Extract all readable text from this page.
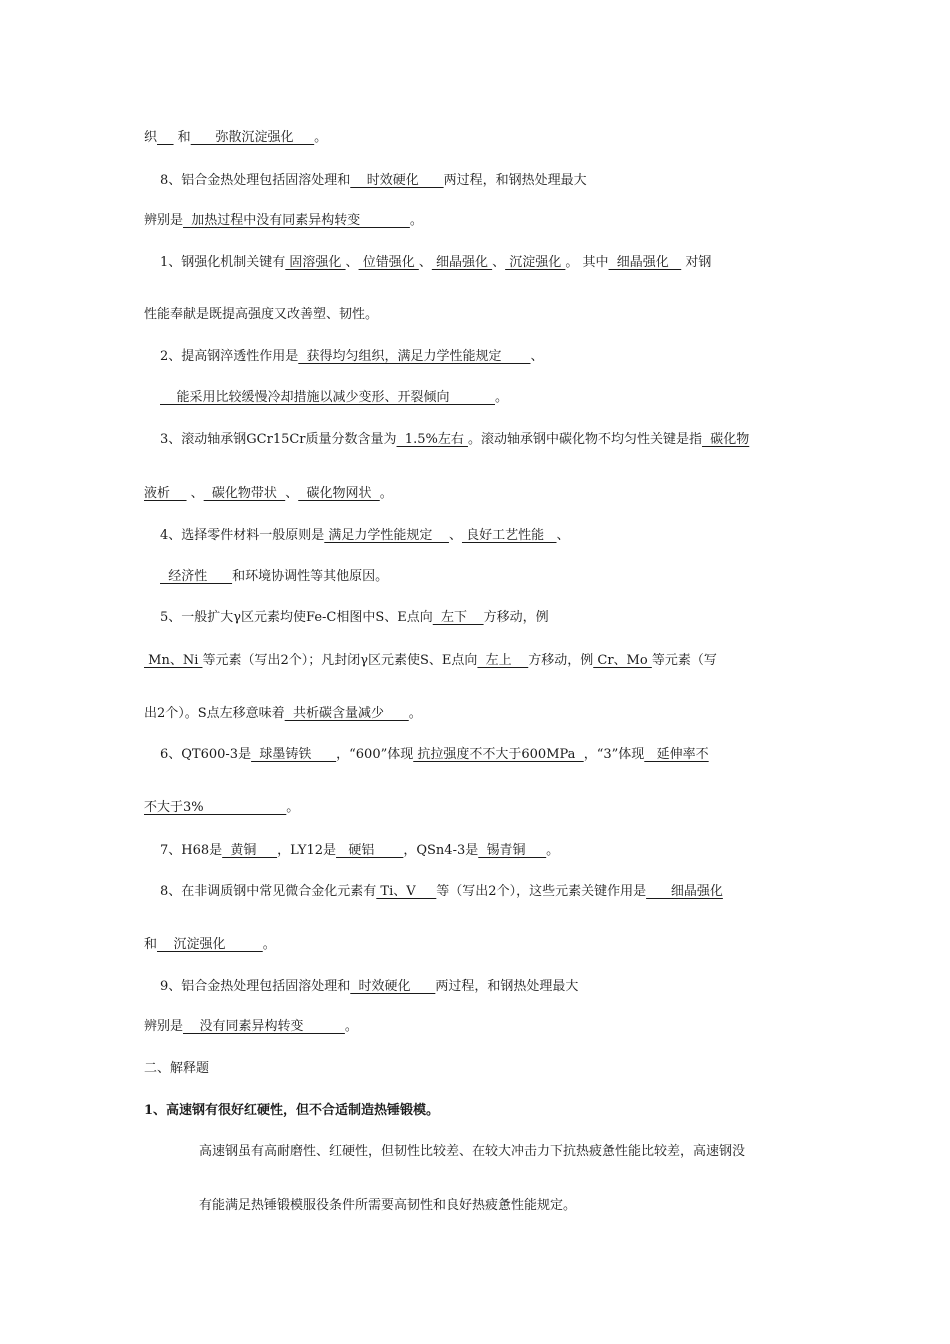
织     和      弥散沉淀强化     。
8、铝合金热处理包括固溶处理和    时效硬化      两过程，和钢热处理最大
辨别是  加热过程中没有同素异构转变            。
1、钢强化机制关键有 固溶强化 、 位错强化 、 细晶强化 、 沉淀强化 。 其中  细晶强化    对钢
性能奉献是既提高强度又改善塑、韧性。
2、提高钢淬透性作用是  获得均匀组织，满足力学性能规定       、
能采用比较缓慢冷却措施以减少变形、开裂倾向           。
3、滚动轴承钢GCr15Cr质量分数含量为  1.5%左右 。滚动轴承钢中碳化物不均匀性关键是指  碳化物
液析     、  碳化物带状  、  碳化物网状  。
4、选择零件材料一般原则是 满足力学性能规定    、 良好工艺性能   、
经济性      和环境协调性等其他原因。
5、一般扩大γ区元素均使Fe-C相图中S、E点向  左下    方移动，例
Mn、Ni 等元素（写出2个）；凡封闭γ区元素使S、E点向  左上    方移动，例 Cr、Mo 等元素（写
出2个）。S点左移意味着  共析碳含量减少      。
6、QT600-3是  球墨铸铁      ，“600”体现 抗拉强度不不大于600MPa  ，“3”体现   延伸率不
不大于3%                    。
7、H68是  黄铜     ，LY12是   硬铝       ，QSn4-3是  锡青铜     。
8、在非调质钢中常见微合金化元素有 Ti、V     等（写出2个），这些元素关键作用是      细晶强化
和    沉淀强化         。
9、铝合金热处理包括固溶处理和  时效硬化      两过程，和钢热处理最大
辨别是    没有同素异构转变          。
二、解释题
1、高速钢有很好红硬性，但不合适制造热锤锻模。
高速钢虽有高耐磨性、红硬性，但韧性比较差、在较大冲击力下抗热疲惫性能比较差，高速钢没
有能满足热锤锻模服役条件所需要高韧性和良好热疲惫性能规定。
